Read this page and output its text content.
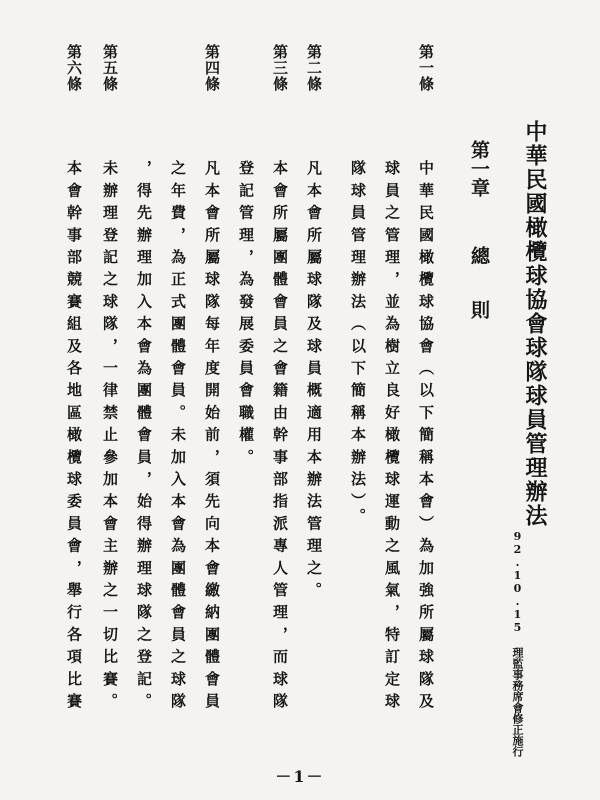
中華民國橄欖球協會球隊球員管理辦法
92.10.15 理監事務席會修正施行
第一章
總
則
第一條
中華民國橄欖球協會（以下簡稱本會）為加強所屬球隊及
球員之管理，並為樹立良好橄欖球運動之風氣，特訂定球
隊球員管理辦法（以下簡稱本辦法）。
第二條
凡本會所屬球隊及球員概適用本辦法管理之。
第三條
本會所屬團體會員之會籍由幹事部指派專人管理，而球隊
登記管理，為發展委員會職權。
第四條
凡本會所屬球隊每年度開始前，須先向本會繳納團體會員
之年費，為正式團體會員。未加入本會為團體會員之球隊
，得先辦理加入本會為團體會員，始得辦理球隊之登記。
第五條
未辦理登記之球隊，一律禁止參加本會主辦之一切比賽。
第六條
本會幹事部競賽組及各地區橄欖球委員會，舉行各項比賽
－1－
